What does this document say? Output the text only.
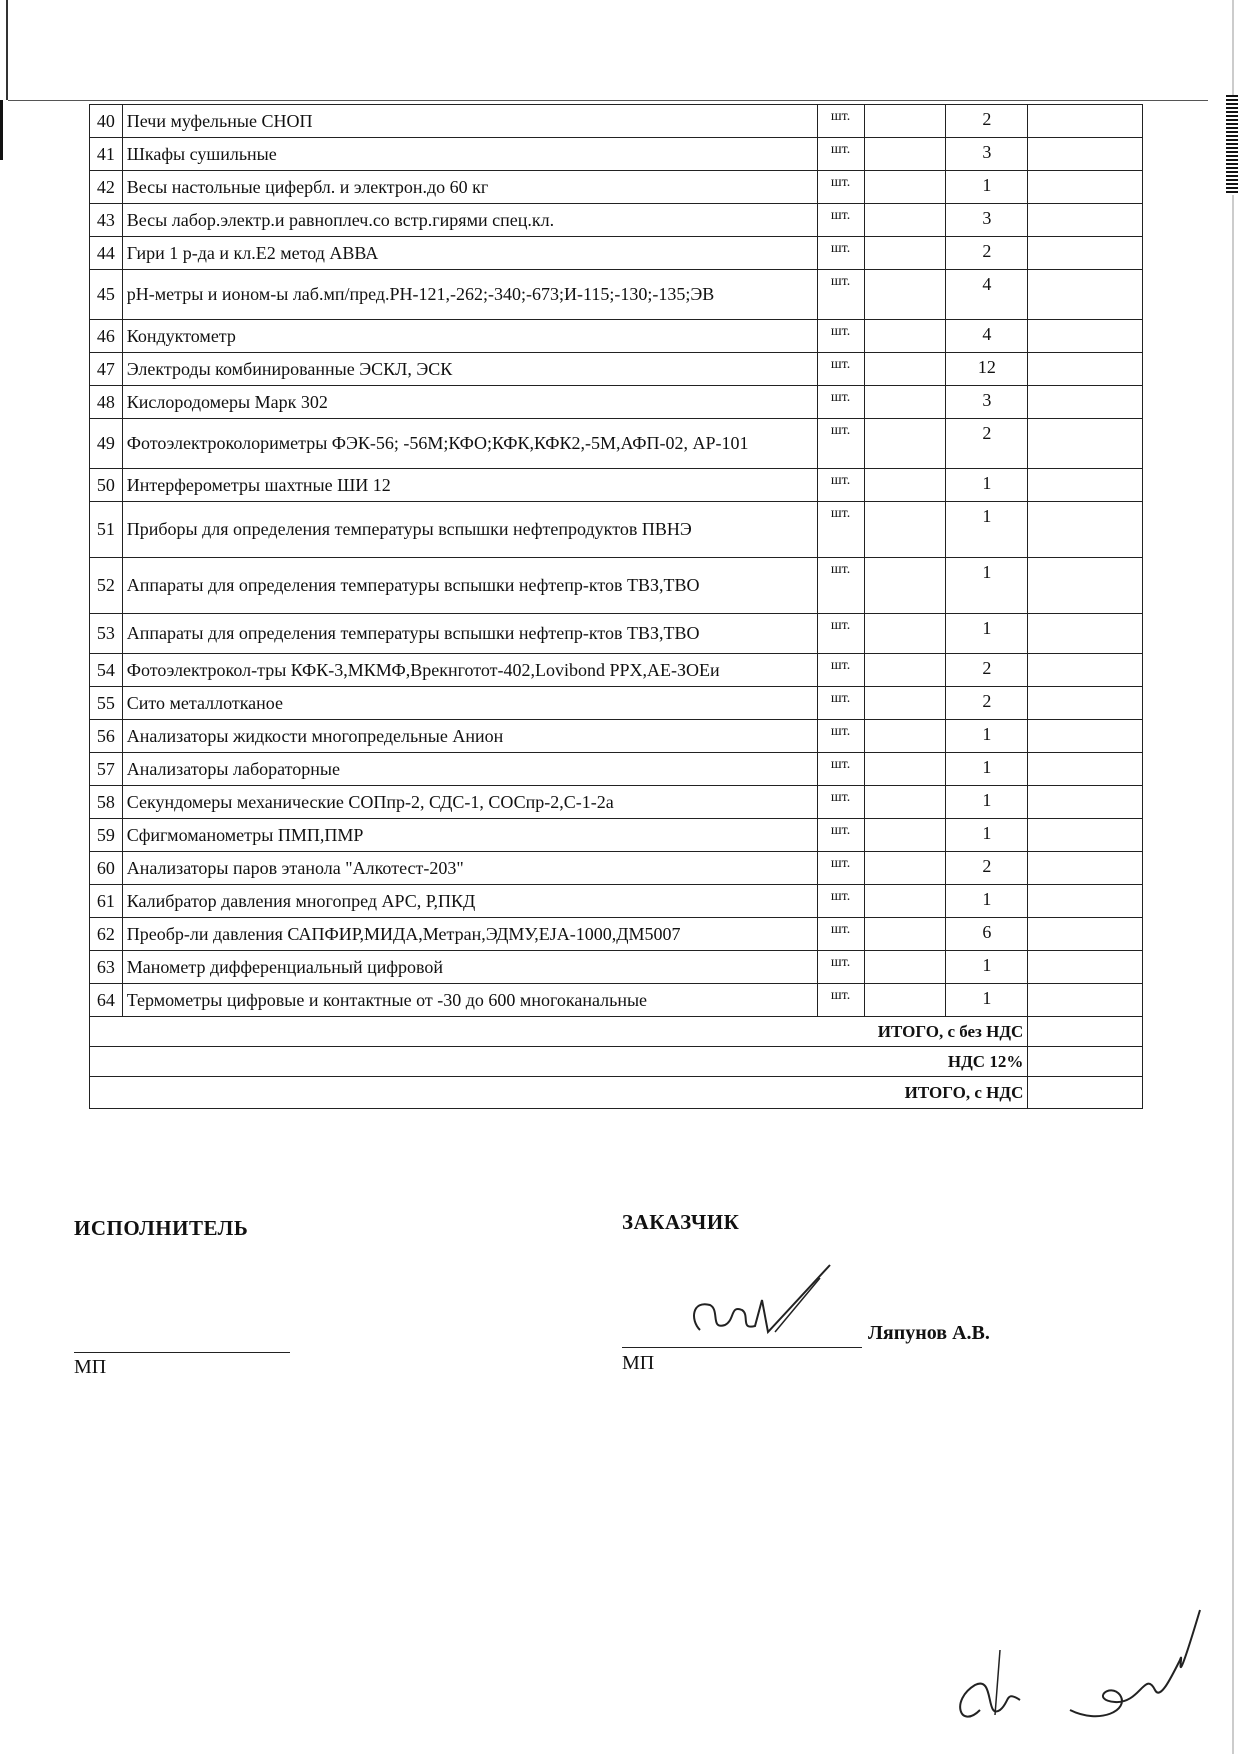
40	Печи муфельные СНОП	шт.		2	
41	Шкафы сушильные	шт.		3	
42	Весы настольные цифербл. и электрон.до 60 кг	шт.		1	
43	Весы лабор.электр.и равноплеч.со встр.гирями спец.кл.	шт.		3	
44	Гири 1 р-да и кл.Е2 метод АВВА	шт.		2	
45	pH-метры и ионом-ы лаб.мп/пред.РН-121,-262;-340;-673;И-115;-130;-135;ЭВ	шт.		4	
46	Кондуктометр	шт.		4	
47	Электроды комбинированные ЭСКЛ, ЭСК	шт.		12	
48	Кислородомеры Марк 302	шт.		3	
49	Фотоэлектроколориметры ФЭК-56; -56М;КФО;КФК,КФК2,-5М,АФП-02, АР-101	шт.		2	
50	Интерферометры шахтные ШИ 12	шт.		1	
51	Приборы для определения температуры вспышки нефтепродуктов ПВНЭ	шт.		1	
52	Аппараты для определения температуры вспышки нефтепр-ктов ТВЗ,ТВО	шт.		1	
53	Аппараты для определения температуры вспышки нефтепр-ктов ТВЗ,ТВО	шт.		1	
54	Фотоэлектрокол-тры КФК-3,МКМФ,Врекнготот-402,Lovibond PPX,AE-ЗОЕи	шт.		2	
55	Сито металлотканое	шт.		2	
56	Анализаторы жидкости многопредельные Анион	шт.		1	
57	Анализаторы лабораторные	шт.		1	
58	Секундомеры механические СОПпр-2, СДС-1, СОСпр-2,С-1-2а	шт.		1	
59	Сфигмоманометры ПМП,ПМР	шт.		1	
60	Анализаторы паров этанола "Алкотест-203"	шт.		2	
61	Калибратор давления многопред АРС, Р,ПКД	шт.		1	
62	Преобр-ли давления САПФИР,МИДА,Метран,ЭДМУ,EJA-1000,ДМ5007	шт.		6	
63	Манометр дифференциальный цифровой	шт.		1	
64	Термометры цифровые и контактные от -30 до 600 многоканальные	шт.		1	
ИТОГО, с без НДС					
НДС 12%					
ИТОГО, с НДС					
ИСПОЛНИТЕЛЬ	ЗАКАЗЧИК
МП	МП
Ляпунов А.В.
